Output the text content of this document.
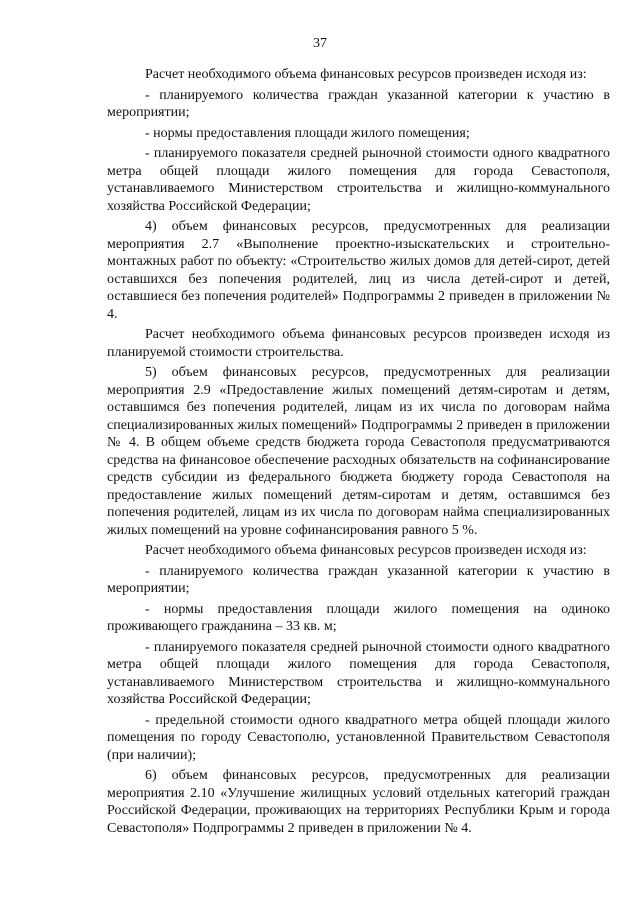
37

Расчет необходимого объема финансовых ресурсов произведен исходя из:

- планируемого количества граждан указанной категории к участию в мероприятии;

- нормы предоставления площади жилого помещения;

- планируемого показателя средней рыночной стоимости одного квадратного метра общей площади жилого помещения для города Севастополя, устанавливаемого Министерством строительства и жилищно-коммунального хозяйства Российской Федерации;

4) объем финансовых ресурсов, предусмотренных для реализации мероприятия 2.7 «Выполнение проектно-изыскательских и строительно-монтажных работ по объекту: «Строительство жилых домов для детей-сирот, детей оставшихся без попечения родителей, лиц из числа детей-сирот и детей, оставшиеся без попечения родителей» Подпрограммы 2 приведен в приложении № 4.

Расчет необходимого объема финансовых ресурсов произведен исходя из планируемой стоимости строительства.

5) объем финансовых ресурсов, предусмотренных для реализации мероприятия 2.9 «Предоставление жилых помещений детям-сиротам и детям, оставшимся без попечения родителей, лицам из их числа по договорам найма специализированных жилых помещений» Подпрограммы 2 приведен в приложении № 4. В общем объеме средств бюджета города Севастополя предусматриваются средства на финансовое обеспечение расходных обязательств на софинансирование средств субсидии из федерального бюджета бюджету города Севастополя на предоставление жилых помещений детям-сиротам и детям, оставшимся без попечения родителей, лицам из их числа по договорам найма специализированных жилых помещений на уровне софинансирования равного 5 %.

Расчет необходимого объема финансовых ресурсов произведен исходя из:

- планируемого количества граждан указанной категории к участию в мероприятии;

- нормы предоставления площади жилого помещения на одиноко проживающего гражданина – 33 кв. м;

- планируемого показателя средней рыночной стоимости одного квадратного метра общей площади жилого помещения для города Севастополя, устанавливаемого Министерством строительства и жилищно-коммунального хозяйства Российской Федерации;

- предельной стоимости одного квадратного метра общей площади жилого помещения по городу Севастополю, установленной Правительством Севастополя (при наличии);

6) объем финансовых ресурсов, предусмотренных для реализации мероприятия 2.10 «Улучшение жилищных условий отдельных категорий граждан Российской Федерации, проживающих на территориях Республики Крым и города Севастополя» Подпрограммы 2 приведен в приложении № 4.
